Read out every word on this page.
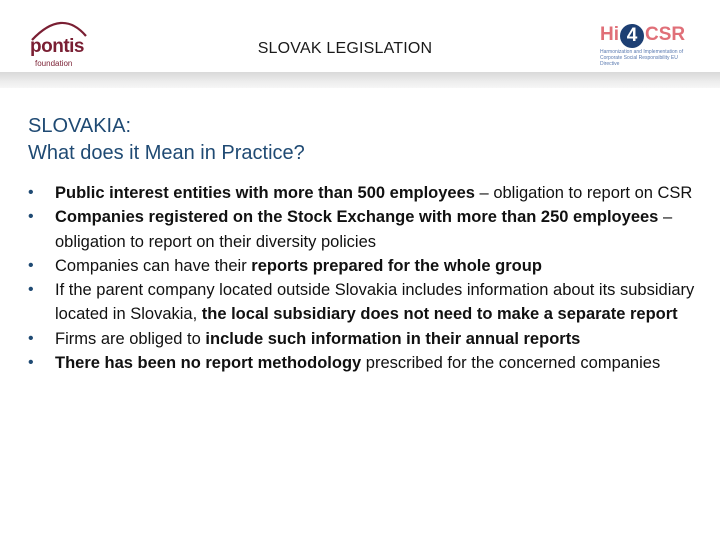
pontis
foundation
SLOVAK LEGISLATION
Hi 4 CSR
Harmonization and Implementation of Corporate Social Responsibility EU Directive
SLOVAKIA:
What does it Mean in Practice?
• Public interest entities with more than 500 employees – obligation to report on CSR
• Companies registered on the Stock Exchange with more than 250 employees – obligation to report on their diversity policies
• Companies can have their reports prepared for the whole group
• If the parent company located outside Slovakia includes information about its subsidiary located in Slovakia, the local subsidiary does not need to make a separate report
• Firms are obliged to include such information in their annual reports
• There has been no report methodology prescribed for the concerned companies
